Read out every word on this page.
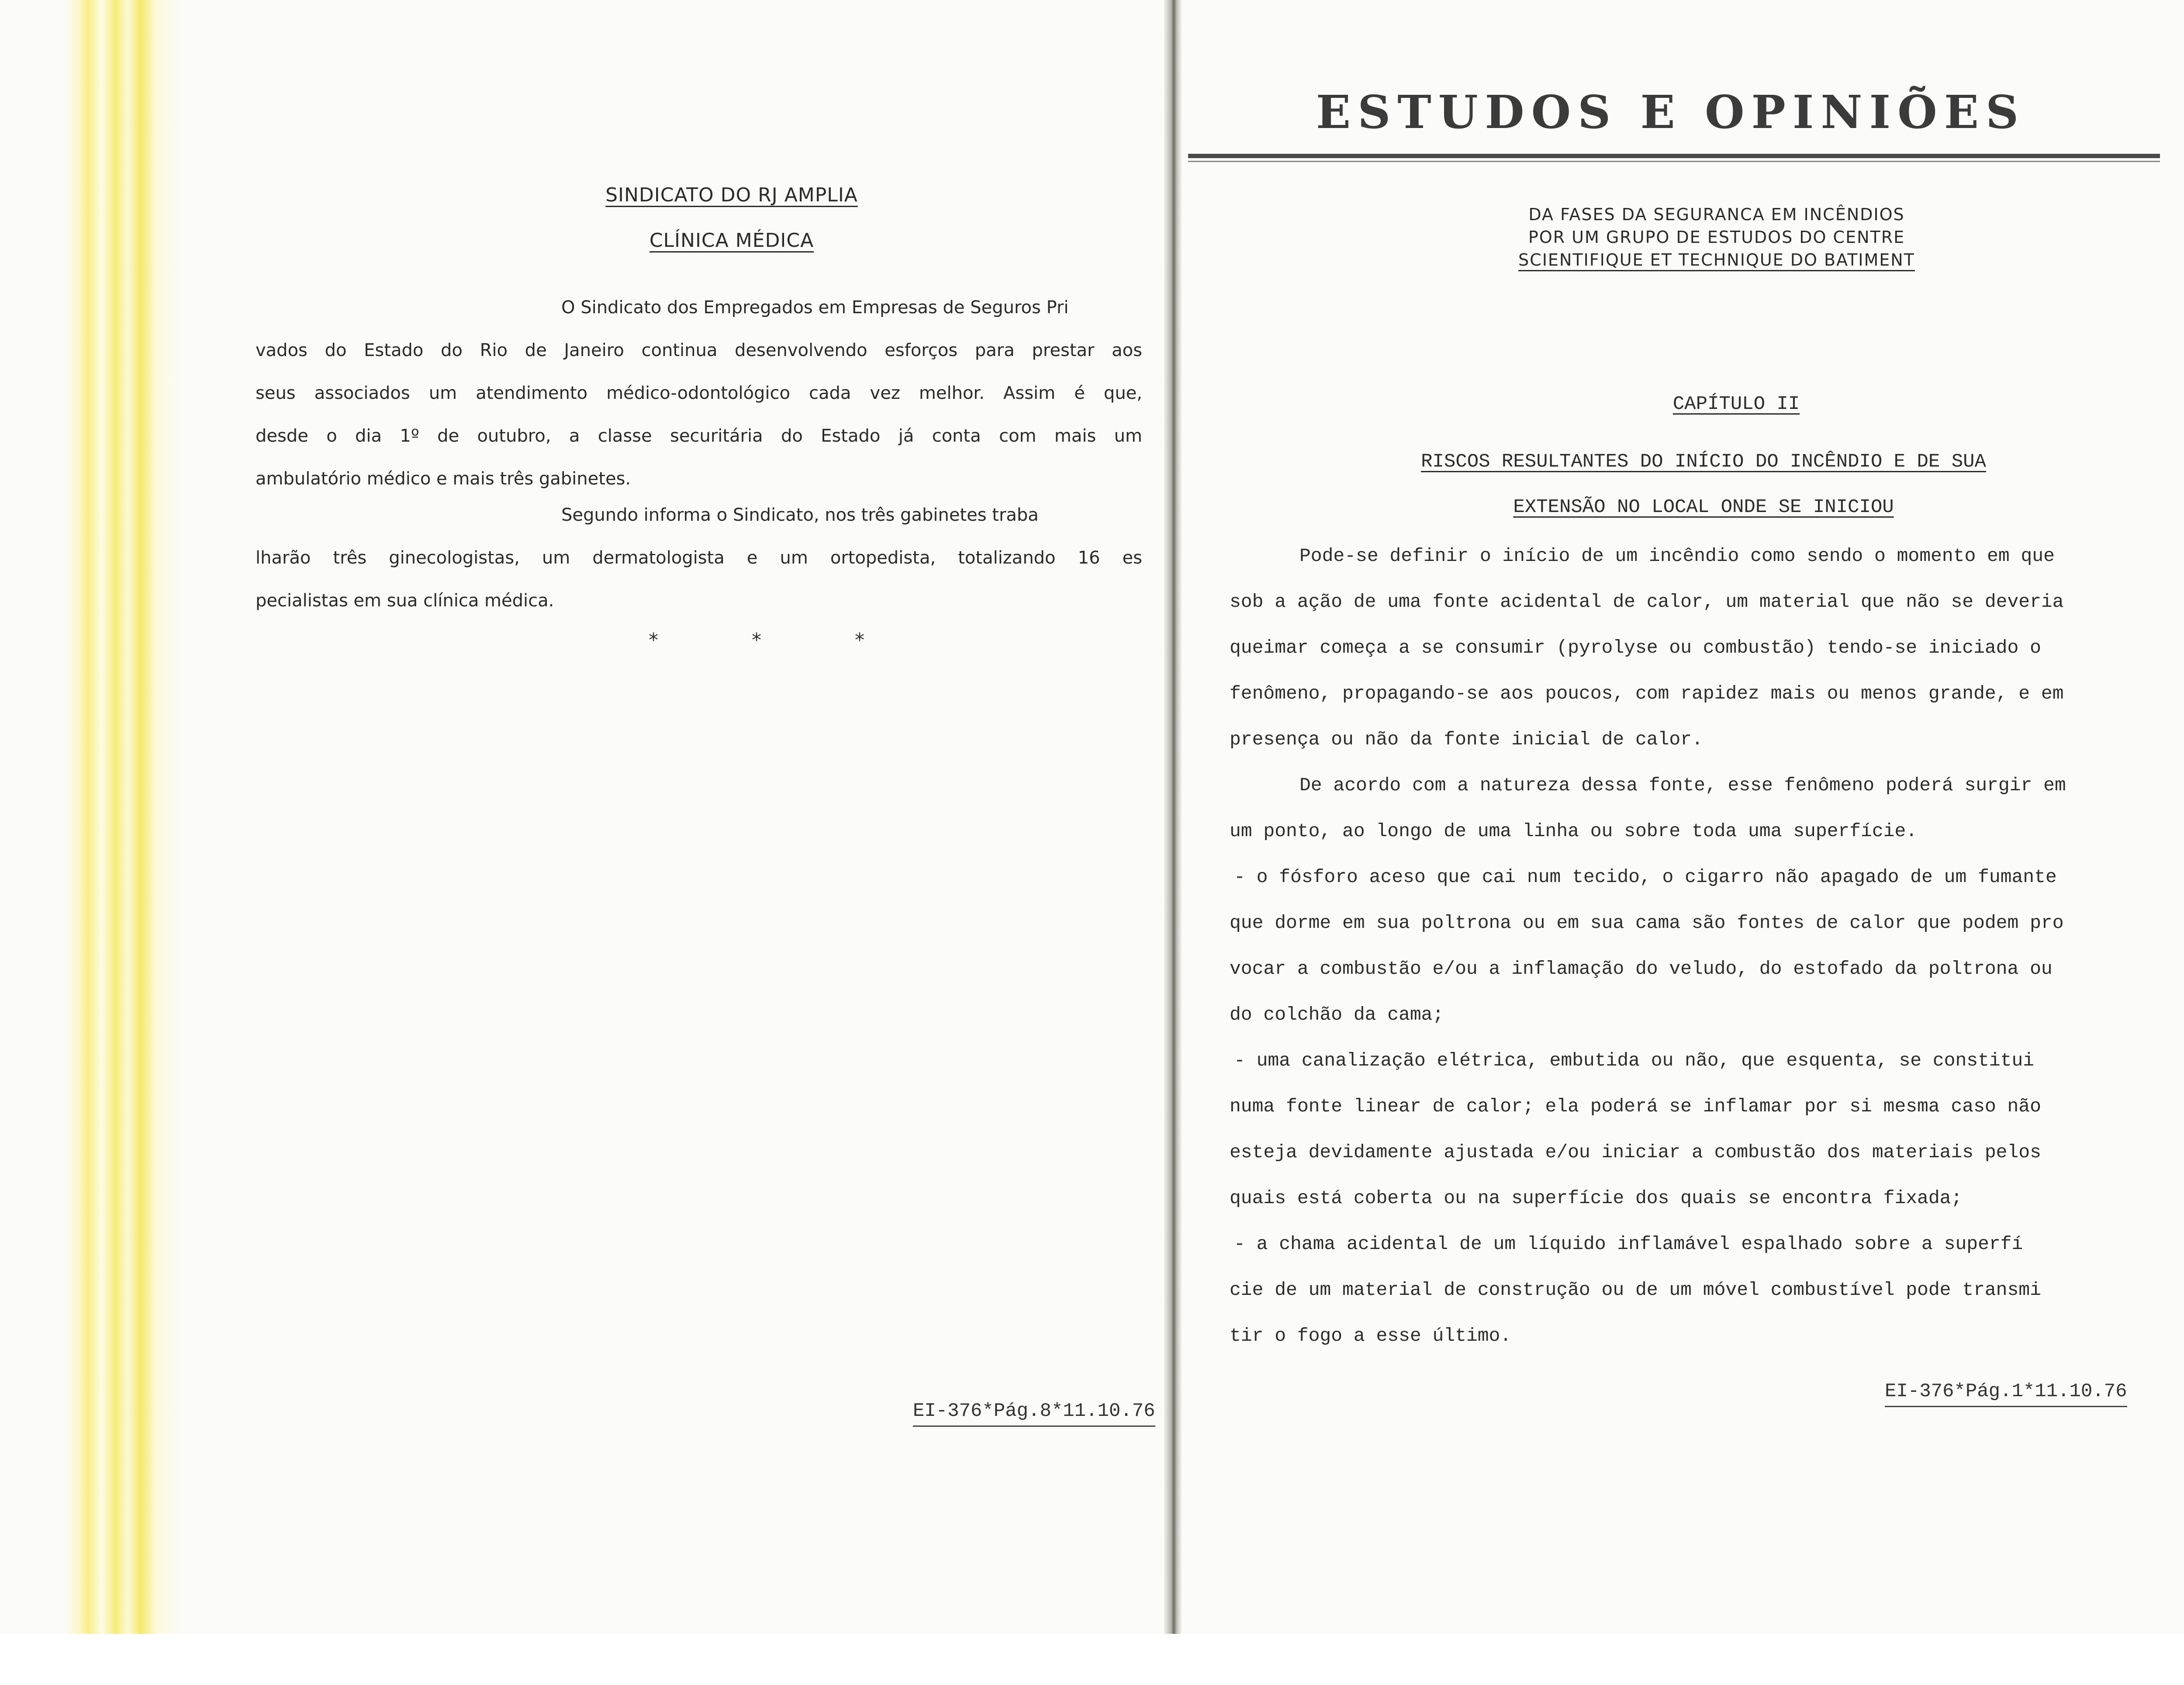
SINDICATO DO RJ AMPLIA
CLÍNICA MÉDICA
O Sindicato dos Empregados em Empresas de Seguros Pri
vados do Estado do Rio de Janeiro continua desenvolvendo esforços para prestar aos
seus associados um atendimento médico-odontológico cada vez melhor. Assim é que,
desde o dia 1º de outubro, a classe securitária do Estado já conta com mais um
ambulatório médico e mais três gabinetes.
Segundo informa o Sindicato, nos três gabinetes traba
lharão três ginecologistas, um dermatologista e um ortopedista, totalizando 16 es
pecialistas em sua clínica médica.
* * *
EI-376*Pág.8*11.10.76
ESTUDOS E OPINIÕES
DA FASES DA SEGURANCA EM INCÊNDIOS
POR UM GRUPO DE ESTUDOS DO CENTRE
SCIENTIFIQUE ET TECHNIQUE DO BATIMENT
CAPÍTULO II
RISCOS RESULTANTES DO INÍCIO DO INCÊNDIO E DE SUA
EXTENSÃO NO LOCAL ONDE SE INICIOU
Pode-se definir o início de um incêndio como sendo o momento em que
sob a ação de uma fonte acidental de calor, um material que não se deveria
queimar começa a se consumir (pyrolyse ou combustão) tendo-se iniciado o
fenômeno, propagando-se aos poucos, com rapidez mais ou menos grande, e em
presença ou não da fonte inicial de calor.
De acordo com a natureza dessa fonte, esse fenômeno poderá surgir em
um ponto, ao longo de uma linha ou sobre toda uma superfície.
- o fósforo aceso que cai num tecido, o cigarro não apagado de um fumante
que dorme em sua poltrona ou em sua cama são fontes de calor que podem pro
vocar a combustão e/ou a inflamação do veludo, do estofado da poltrona ou
do colchão da cama;
- uma canalização elétrica, embutida ou não, que esquenta, se constitui
numa fonte linear de calor; ela poderá se inflamar por si mesma caso não
esteja devidamente ajustada e/ou iniciar a combustão dos materiais pelos
quais está coberta ou na superfície dos quais se encontra fixada;
- a chama acidental de um líquido inflamável espalhado sobre a superfí
cie de um material de construção ou de um móvel combustível pode transmi
tir o fogo a esse último.
EI-376*Pág.1*11.10.76
